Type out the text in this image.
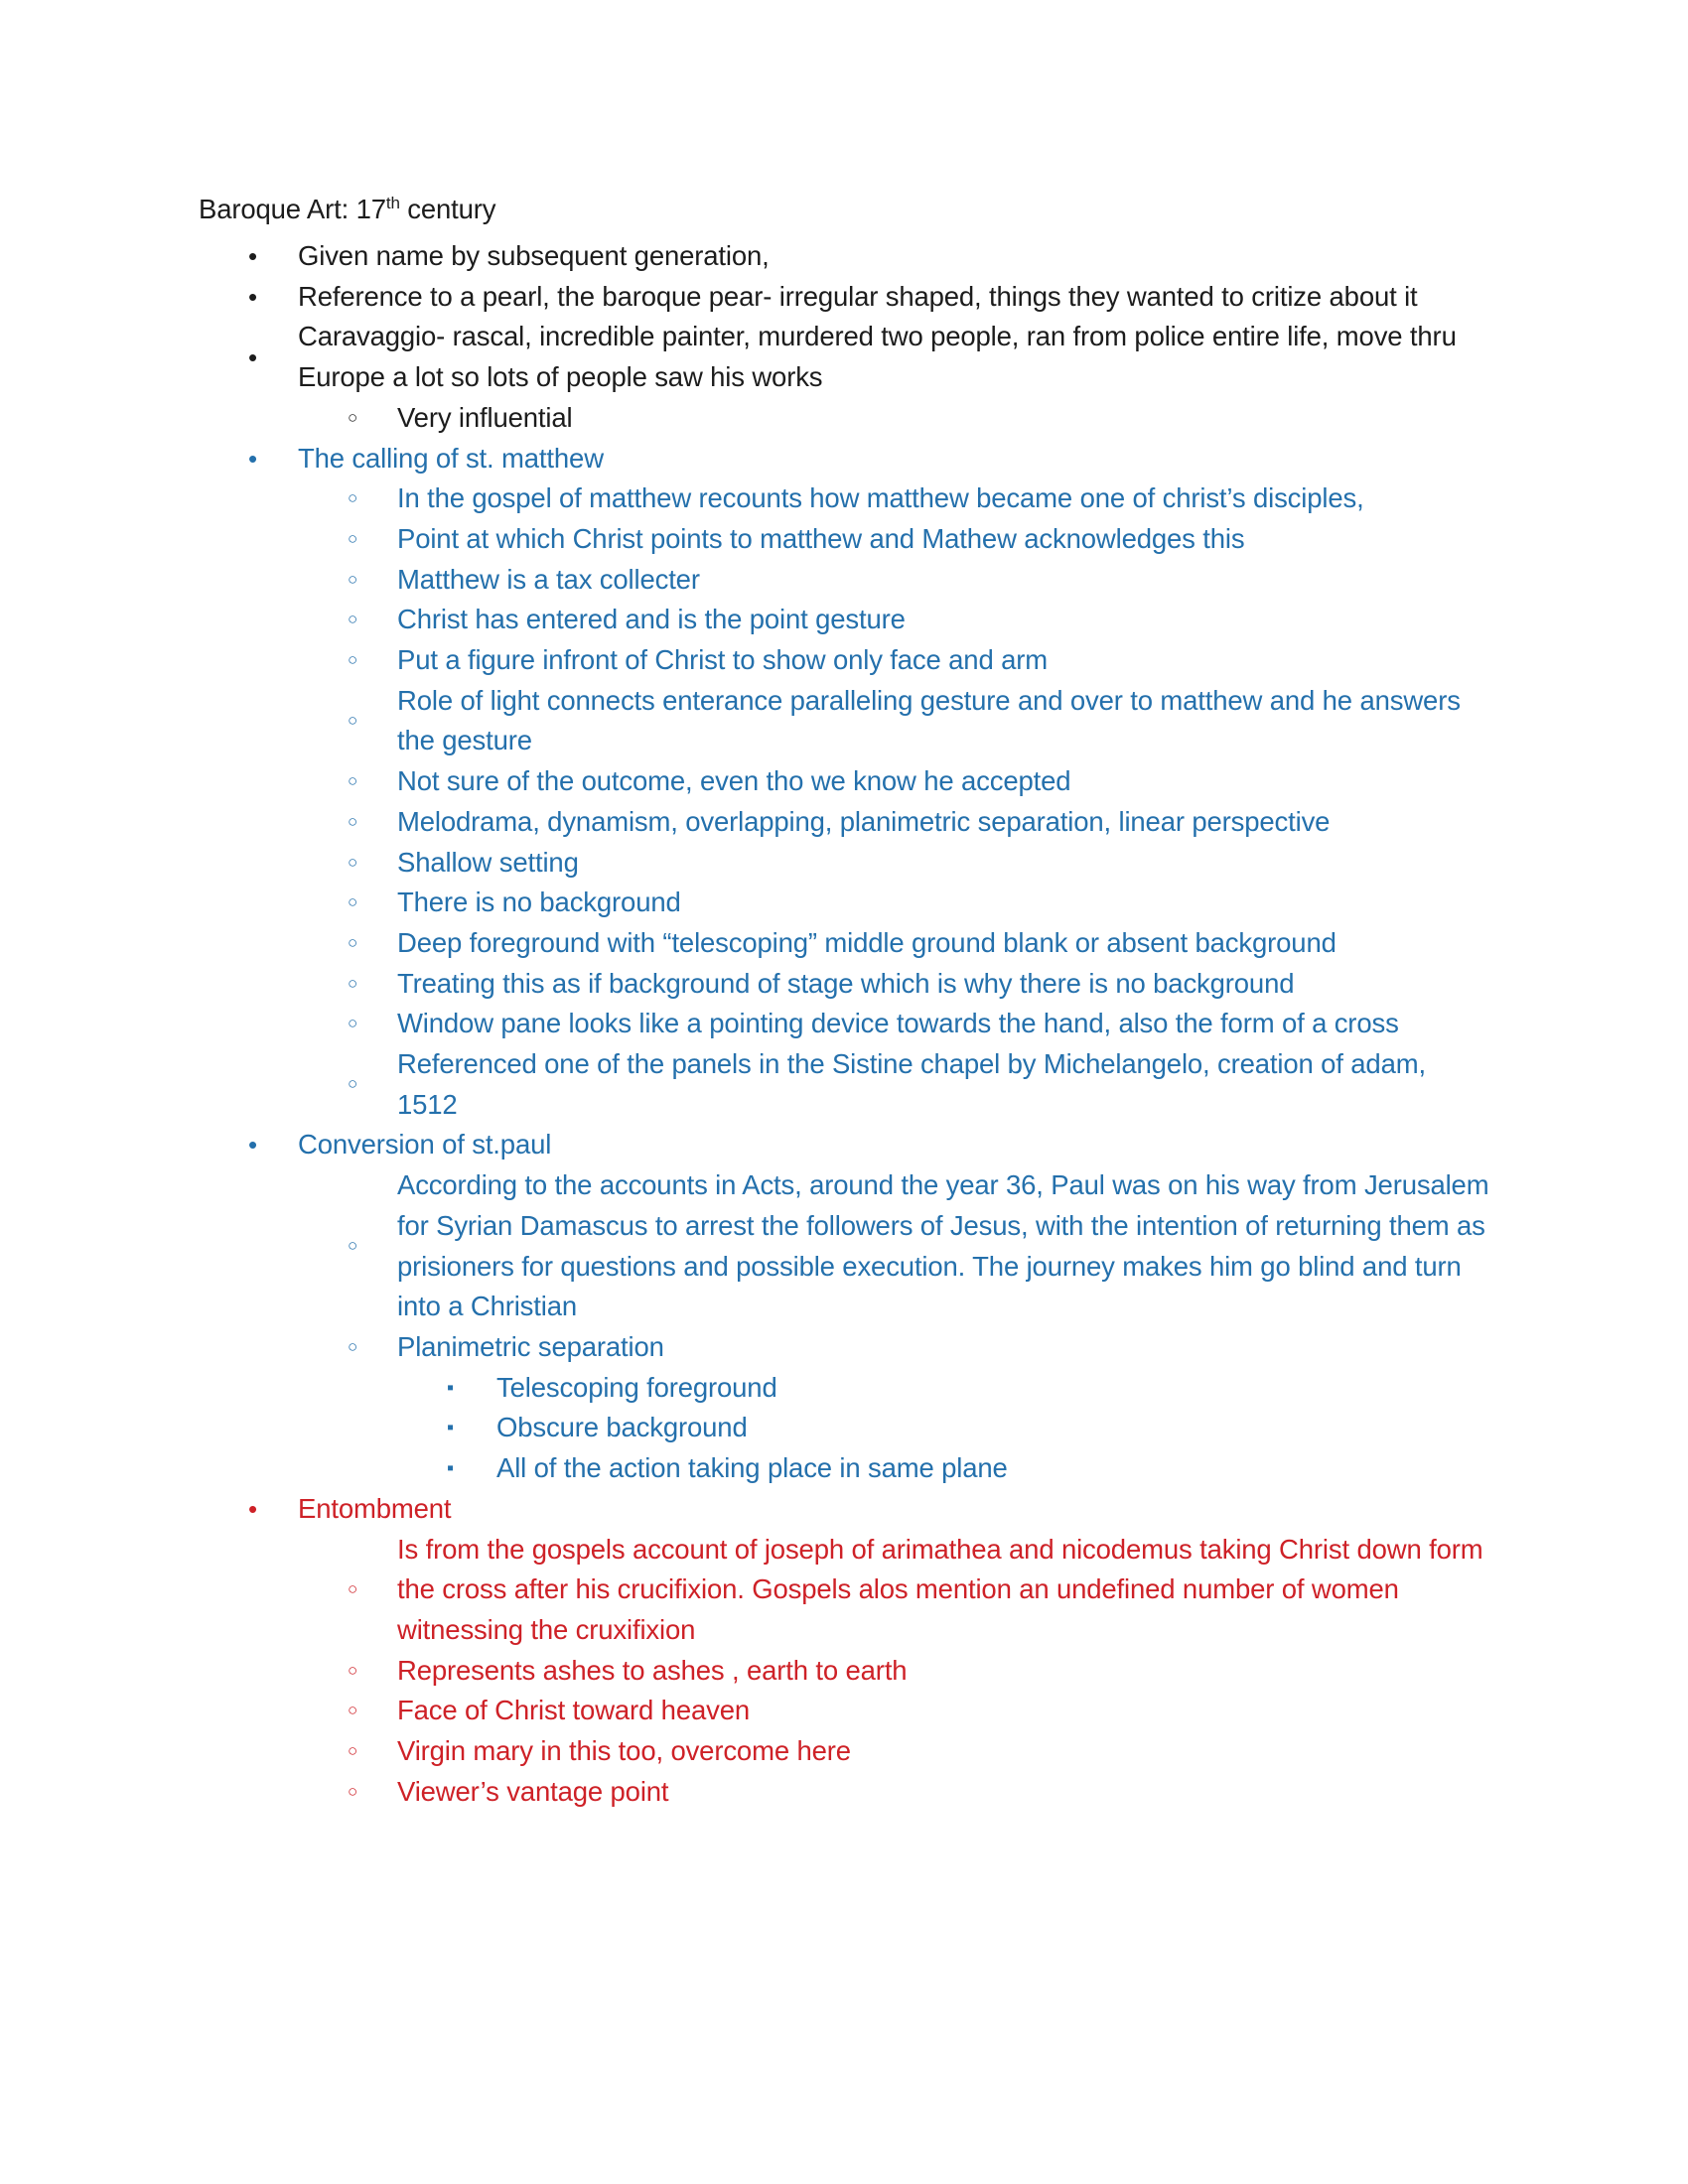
Baroque Art: 17th century
•	Given name by subsequent generation,
•	Reference to a pearl, the baroque pear- irregular shaped, things they wanted to critize about it
•
Caravaggio- rascal, incredible painter, murdered two people, ran from police entire life, move thru Europe a lot so lots of people saw his works
○	Very influential
•	The calling of st. matthew
○	In the gospel of matthew recounts how matthew became one of christ’s disciples,
○	Point at which Christ points to matthew and Mathew acknowledges this
○	Matthew is a tax collecter
○	Christ has entered and is the point gesture
○	Put a figure infront of Christ to show only face and arm
○
Role of light connects enterance paralleling gesture and over to matthew and he answers the gesture
○	Not sure of the outcome, even tho we know he accepted
○	Melodrama, dynamism, overlapping, planimetric separation, linear perspective
○	Shallow setting
○	There is no background
○	Deep foreground with “telescoping” middle ground blank or absent background
○	Treating this as if background of stage which is why there is no background
○	Window pane looks like a pointing device towards the hand, also the form of a cross
○
Referenced one of the panels in the Sistine chapel by Michelangelo, creation of adam, 1512
•	Conversion of st.paul
○
According to the accounts in Acts, around the year 36, Paul was on his way from Jerusalem for Syrian Damascus to arrest the followers of Jesus, with the intention of returning them as prisioners for questions and possible execution. The journey makes him go blind and turn into a Christian
○	Planimetric separation
▪	Telescoping foreground
▪	Obscure background
▪	All of the action taking place in same plane
•	Entombment
○
Is from the gospels account of joseph of arimathea and nicodemus taking Christ down form the cross after his crucifixion. Gospels alos mention an undefined number of women witnessing the cruxifixion
○	Represents ashes to ashes , earth to earth
○	Face of Christ toward heaven
○	Virgin mary in this too, overcome here
○	Viewer’s vantage point
